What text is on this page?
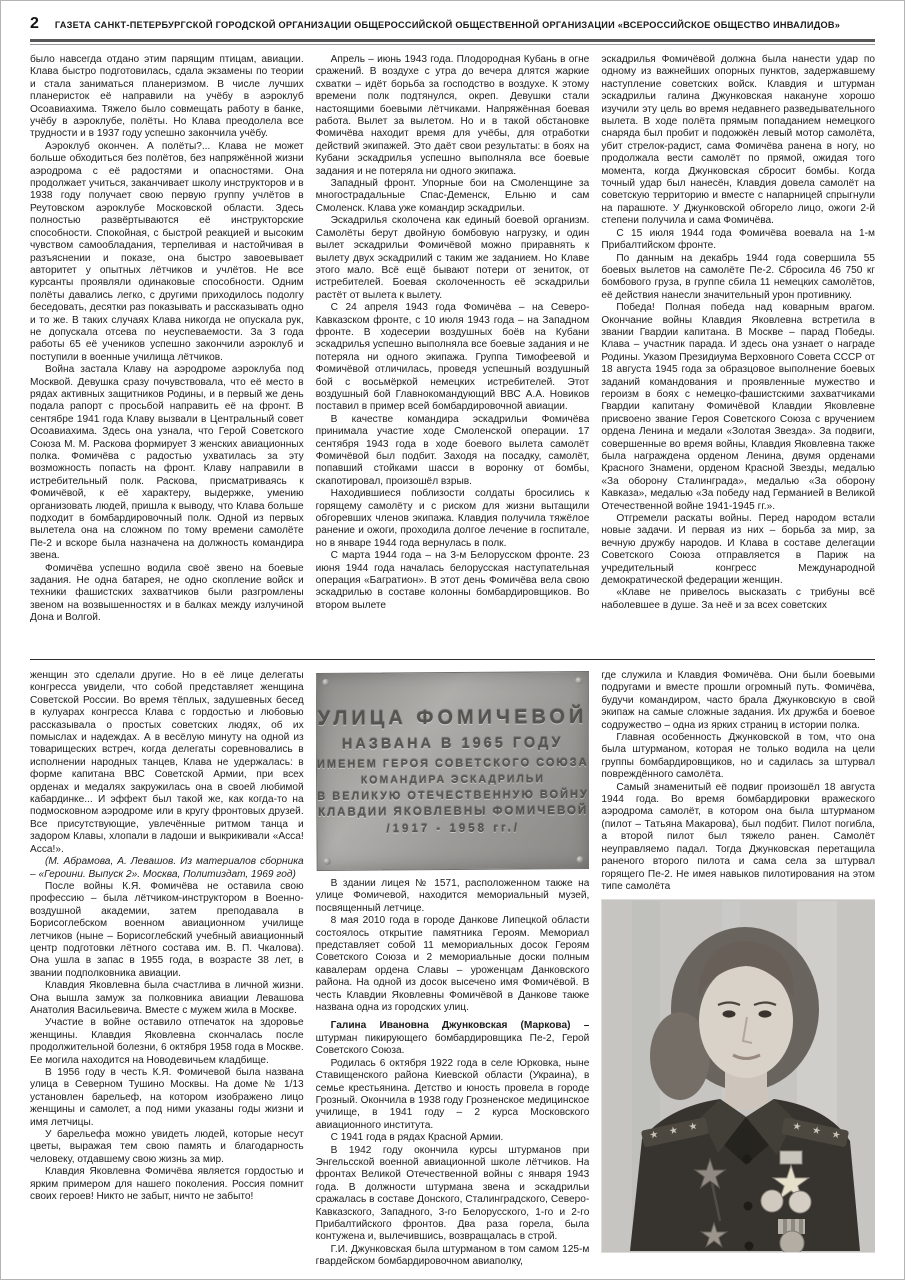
2 ГАЗЕТА САНКТ-ПЕТЕРБУРГСКОЙ ГОРОДСКОЙ ОРГАНИЗАЦИИ ОБЩЕРОССИЙСКОЙ ОБЩЕСТВЕННОЙ ОРГАНИЗАЦИИ «ВСЕРОССИЙСКОЕ ОБЩЕСТВО ИНВАЛИДОВ»

было навсегда отдано этим парящим птицам, авиации. Клава быстро подготовилась, сдала экзамены по теории и стала заниматься планеризмом. В числе лучших планеристок её направили на учёбу в аэроклуб Осоавиахима. Тяжело было совмещать работу в банке, учёбу в аэроклубе, полёты. Но Клава преодолела все трудности и в 1937 году успешно закончила учёбу.

Аэроклуб окончен. А полёты?... Клава не может больше обходиться без полётов, без напряжённой жизни аэродрома с её радостями и опасностями. Она продолжает учиться, заканчивает школу инструкторов и в 1938 году получает свою первую группу учлётов в Реутовском аэроклубе Московской области. Здесь полностью развёртываются её инструкторские способности. Спокойная, с быстрой реакцией и высоким чувством самообладания, терпеливая и настойчивая в разъяснении и показе, она быстро завоевывает авторитет у опытных лётчиков и учлётов. Не все курсанты проявляли одинаковые способности. Одним полёты давались легко, с другими приходилось подолгу беседовать, десятки раз показывать и рассказывать одно и то же. В таких случаях Клава никогда не опускала рук, не допускала отсева по неуспеваемости. За 3 года работы 65 её учеников успешно закончили аэроклуб и поступили в военные училища лётчиков.

Война застала Клаву на аэродроме аэроклуба под Москвой. Девушка сразу почувствовала, что её место в рядах активных защитников Родины, и в первый же день подала рапорт с просьбой направить её на фронт. В сентябре 1941 года Клаву вызвали в Центральный совет Осоавиахима. Здесь она узнала, что Герой Советского Союза М. М. Раскова формирует 3 женских авиационных полка. Фомичёва с радостью ухватилась за эту возможность попасть на фронт. Клаву направили в истребительный полк. Раскова, присматриваясь к Фомичёвой, к её характеру, выдержке, умению организовать людей, пришла к выводу, что Клава больше подходит в бомбардировочный полк. Одной из первых вылетела она на сложном по тому времени самолёте Пе-2 и вскоре была назначена на должность командира звена.

Фомичёва успешно водила своё звено на боевые задания. Не одна батарея, не одно скопление войск и техники фашистских захватчиков были разгромлены звеном на возвышенностях и в балках между излучиной Дона и Волгой.

Апрель – июнь 1943 года. Плодородная Кубань в огне сражений. В воздухе с утра до вечера длятся жаркие схватки – идёт борьба за господство в воздухе. К этому времени полк подтянулся, окреп. Девушки стали настоящими боевыми лётчиками. Напряжённая боевая работа. Вылет за вылетом. Но и в такой обстановке Фомичёва находит время для учёбы, для отработки действий экипажей. Это даёт свои результаты: в боях на Кубани эскадрилья успешно выполняла все боевые задания и не потеряла ни одного экипажа.

Западный фронт. Упорные бои на Смоленщине за многострадальные Спас-Деменск, Ельню и сам Смоленск. Клава уже командир эскадрильи.

Эскадрилья сколочена как единый боевой организм. Самолёты берут двойную бомбовую нагрузку, и один вылет эскадрильи Фомичёвой можно приравнять к вылету двух эскадрилий с таким же заданием. Но Клаве этого мало. Всё ещё бывают потери от зениток, от истребителей. Боевая сколоченность её эскадрильи растёт от вылета к вылету.

С 24 апреля 1943 года Фомичёва – на Северо-Кавказском фронте, с 10 июля 1943 года – на Западном фронте. В ходесерии воздушных боёв на Кубани эскадрилья успешно выполняла все боевые задания и не потеряла ни одного экипажа. Группа Тимофеевой и Фомичёвой отличилась, проведя успешный воздушный бой с восьмёркой немецких истребителей. Этот воздушный бой Главнокомандующий ВВС А.А. Новиков поставил в пример всей бомбардировочной авиации.

В качестве командира эскадрильи Фомичёва принимала участие ходе Смоленской операции. 17 сентября 1943 года в ходе боевого вылета самолёт Фомичёвой был подбит. Заходя на посадку, самолёт, попавший стойками шасси в воронку от бомбы, скапотировал, произошёл взрыв.

Находившиеся поблизости солдаты бросились к горящему самолёту и с риском для жизни вытащили обгоревших членов экипажа. Клавдия получила тяжёлое ранение и ожоги, проходила долгое лечение в госпитале, но в январе 1944 года вернулась в полк.

С марта 1944 года – на 3-м Белорусском фронте. 23 июня 1944 года началась белорусская наступательная операция «Багратион». В этот день Фомичёва вела свою эскадрилью в составе колонны бомбардировщиков. Во втором вылете

эскадрилья Фомичёвой должна была нанести удар по одному из важнейших опорных пунктов, задержавшему наступление советских войск. Клавдия и штурман эскадрильи галина Джунковская накануне хорошо изучили эту цель во время недавнего разведывательного вылета. В ходе полёта прямым попаданием немецкого снаряда был пробит и подожжён левый мотор самолёта, убит стрелок-радист, сама Фомичёва ранена в ногу, но продолжала вести самолёт по прямой, ожидая того момента, когда Джунковская сбросит бомбы. Когда точный удар был нанесён, Клавдия довела самолёт на советскую территорию и вместе с напарницей спрыгнули на парашюте. У Джунковской обгорело лицо, ожоги 2-й степени получила и сама Фомичёва.

С 15 июля 1944 года Фомичёва воевала на 1-м Прибалтийском фронте.

По данным на декабрь 1944 года совершила 55 боевых вылетов на самолёте Пе-2. Сбросила 46 750 кг бомбового груза, в группе сбила 11 немецких самолётов, её действия нанесли значительный урон противнику.

Победа! Полная победа над коварным врагом. Окончание войны Клавдия Яковлевна встретила в звании Гвардии капитана. В Москве – парад Победы. Клава – участник парада. И здесь она узнает о награде Родины. Указом Президиума Верховного Совета СССР от 18 августа 1945 года за образцовое выполнение боевых заданий командования и проявленные мужество и героизм в боях с немецко-фашистскими захватчиками Гвардии капитану Фомичёвой Клавдии Яковлевне присвоено звание Героя Советского Союза с вручением ордена Ленина и медали «Золотая Звезда». За подвиги, совершенные во время войны, Клавдия Яковлевна также была награждена орденом Ленина, двумя орденами Красного Знамени, орденом Красной Звезды, медалью «За оборону Сталинграда», медалью «За оборону Кавказа», медалью «За победу над Германией в Великой Отечественной войне 1941-1945 гг.».

Отгремели раскаты войны. Перед народом встали новые задачи. И первая из них – борьба за мир, за вечную дружбу народов. И Клава в составе делегации Советского Союза отправляется в Париж на учредительный конгресс Международной демократической федерации женщин.

«Клаве не привелось высказать с трибуны всё наболевшее в душе. За неё и за всех советских

женщин это сделали другие. Но в её лице делегаты конгресса увидели, что собой представляет женщина Советской России. Во время тёплых, задушевных бесед в кулуарах конгресса Клава с гордостью и любовью рассказывала о простых советских людях, об их помыслах и надеждах. А в весёлую минуту на одной из товарищеских встреч, когда делегаты соревновались в исполнении народных танцев, Клава не удержалась: в форме капитана ВВС Советской Армии, при всех орденах и медалях закружилась она в своей любимой кабардинке... И эффект был такой же, как когда-то на подмосковном аэродроме или в кругу фронтовых друзей. Все присутствующие, увлечённые ритмом танца и задором Клавы, хлопали в ладоши и выкрикивали «Асса! Асса!».

(М. Абрамова, А. Левашов. Из материалов сборника – «Героини. Выпуск 2». Москва, Политиздат, 1969 год)

После войны К.Я. Фомичёва не оставила свою профессию – была лётчиком-инструктором в Военно-воздушной академии, затем преподавала в Борисоглебском военном авиационном училище летчиков (ныне – Борисоглебский учебный авиационный центр подготовки лётного состава им. В. П. Чкалова). Она ушла в запас в 1955 года, в возрасте 38 лет, в звании подполковника авиации.

Клавдия Яковлевна была счастлива в личной жизни. Она вышла замуж за полковника авиации Левашова Анатолия Васильевича. Вместе с мужем жила в Москве.

Участие в войне оставило отпечаток на здоровье женщины. Клавдия Яковлевна скончалась после продолжительной болезни, 6 октября 1958 года в Москве. Ее могила находится на Новодевичьем кладбище.

В 1956 году в честь К.Я. Фомичевой была названа улица в Северном Тушино Москвы. На доме № 1/13 установлен барельеф, на котором изображено лицо женщины и самолет, а под ними указаны годы жизни и имя летчицы.

У барельефа можно увидеть людей, которые несут цветы, выражая тем свою память и благодарность человеку, отдавшему свою жизнь за мир.

Клавдия Яковлевна Фомичёва является гордостью и ярким примером для нашего поколения. Россия помнит своих героев! Никто не забыт, ничто не забыто!

УЛИЦА ФОМИЧЕВОЙ
НАЗВАНА В 1965 ГОДУ
ИМЕНЕМ ГЕРОЯ СОВЕТСКОГО СОЮЗА
КОМАНДИРА ЭСКАДРИЛЬИ
В ВЕЛИКУЮ ОТЕЧЕСТВЕННУЮ ВОЙНУ
КЛАВДИИ ЯКОВЛЕВНЫ ФОМИЧЕВОЙ
/1917 - 1958 гг./

В здании лицея № 1571, расположенном также на улице Фомичевой, находится мемориальный музей, посвященный летчице.

8 мая 2010 года в городе Данкове Липецкой области состоялось открытие памятника Героям. Мемориал представляет собой 11 мемориальных досок Героям Советского Союза и 2 мемориальные доски полным кавалерам ордена Славы – уроженцам Данковского района. На одной из досок высечено имя Фомичёвой. В честь Клавдии Яковлевны Фомичёвой в Данкове также названа одна из городских улиц.

Галина Ивановна Джунковская (Маркова) – штурман пикирующего бомбардировщика Пе-2, Герой Советского Союза.

Родилась 6 октября 1922 года в селе Юрковка, ныне Ставищенского района Киевской области (Украина), в семье крестьянина. Детство и юность провела в городе Грозный. Окончила в 1938 году Грозненское медицинское училище, в 1941 году – 2 курса Московского авиационного института.

С 1941 года в рядах Красной Армии.

В 1942 году окончила курсы штурманов при Энгельсской военной авиационной школе лётчиков. На фронтах Великой Отечественной войны с января 1943 года. В должности штурмана звена и эскадрильи сражалась в составе Донского, Сталинградского, Северо-Кавказского, Западного, 3-го Белорусского, 1-го и 2-го Прибалтийского фронтов. Два раза горела, была контужена и, вылечившись, возвращалась в строй.

Г.И. Джунковская была штурманом в том самом 125-м гвардейском бомбардировочном авиаполку,

где служила и Клавдия Фомичёва. Они были боевыми подругами и вместе прошли огромный путь. Фомичёва, будучи командиром, часто брала Джунковскую в свой экипаж на самые сложные задания. Их дружба и боевое содружество – одна из ярких страниц в истории полка.

Главная особенность Джунковской в том, что она была штурманом, которая не только водила на цели группы бомбардировщиков, но и садилась за штурвал повреждённого самолёта.

Самый знаменитый её подвиг произошёл 18 августа 1944 года. Во время бомбардировки вражеского аэродрома самолёт, в котором она была штурманом (пилот – Татьяна Макарова), был подбит. Пилот погибла, а второй пилот был тяжело ранен. Самолёт неуправляемо падал. Тогда Джунковская перетащила раненого второго пилота и сама села за штурвал горящего Пе-2. Не имея навыков пилотирования на этом типе самолёта
